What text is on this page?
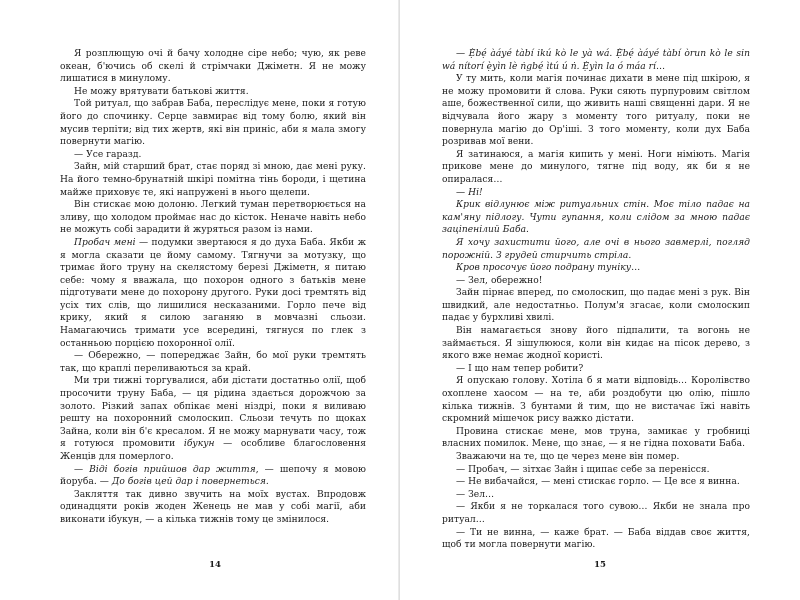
Я розплющую очі й бачу холодне сіре небо; чую, як реве океан, б'ючись об скелі й стрімчаки Джіметн. Я не можу лишатися в минулому.

Не можу врятувати батькові життя.

Той ритуал, що забрав Баба, переслідує мене, поки я готую його до спочинку. Серце завмирає від тому болю, який він мусив терпіти; від тих жертв, які він приніс, аби я мала змогу повернути магію.

— Усе гаразд.

Зайн, мій старший брат, стає поряд зі мною, дає мені руку. На його темно-брунатній шкірі помітна тінь бороди, і щетина майже приховує те, які напружені в нього щелепи.

Він стискає мою долоню. Легкий туман перетворюється на зливу, що холодом проймає нас до кісток. Неначе навіть небо не можуть собі зарадити й журяться разом із нами.

Пробач мені — подумки звертаюся я до духа Баба. Якби ж я могла сказати це йому самому. Тягнучи за мотузку, що тримає його труну на скелястому березі Джіметн, я питаю себе: чому я вважала, що похорон одного з батьків мене підготувати мене до похорону другого. Руки досі тремтять від усіх тих слів, що лишилися несказаними. Горло пече від крику, який я силою заганяю в мовчазні сльози. Намагаючись тримати усе всередині, тягнуся по глек з останньою порцією похоронної олії.

— Обережно, — попереджає Зайн, бо мої руки тремтять так, що краплі переливаються за край.

Ми три тижні торгувалися, аби дістати достатньо олії, щоб просочити труну Баба, — ця рідина здається дорожчою за золото. Різкий запах обпікає мені ніздрі, поки я виливаю решту на похоронний смолоскип. Сльози течуть по щоках Зайна, коли він б'є кресалом. Я не можу марнувати часу, тож я готуюся промовити ібукун — особливе благословення Женців для померлого.

— Віді богів прийшов дар життя, — шепочу я мовою йоруба. — До богів цей дар і повернеться.

Закляття так дивно звучить на моїх вустах. Впродовж одинадцяти років жоден Женець не мав у собі магії, аби виконати ібукун, — а кілька тижнів тому це змінилося.

14

— Ẹ̀bẹ́ àáyé tàbí ikú kò le yà wá. Ẹ̀bẹ́ àáyé tàbí òrun kò le sin wá nítorí ẹ̀yìn lè ṅgbẹ́ ìtú ú ṅ. Ẹ̀yìn la ó máa rí…

У ту мить, коли магія починає дихати в мене під шкірою, я не можу промовити й слова. Руки сяють пурпуровим світлом аше, божественної сили, що живить наші священні дари. Я не відчувала його жару з моменту того ритуалу, поки не повернула магію до Ор'іші. З того моменту, коли дух Баба розривав мої вени.

Я затинаюся, а магія кипить у мені. Ноги німіють. Магія прикове мене до минулого, тягне під воду, як би я не опиралася…

— Ні!

Крик відлунює між ритуальних стін. Моє тіло падає на кам'яну підлогу. Чути гупання, коли слідом за мною падає заціпенілий Баба.

Я хочу захистити його, але очі в нього завмерлі, погляд порожній. З грудей стирчить стріла.

Кров просочує його подрану туніку…

— Зел, обережно!

Зайн пірнає вперед, по смолоскип, що падає мені з рук. Він швидкий, але недостатньо. Полум'я згасає, коли смолоскип падає у бурхливі хвилі.

Він намагається знову його підпалити, та вогонь не займається. Я зішулююся, коли він кидає на пісок дерево, з якого вже немає жодної користі.

— І що нам тепер робити?

Я опускаю голову. Хотіла б я мати відповідь… Королівство охоплене хаосом — на те, аби роздобути цю олію, пішло кілька тижнів. З бунтами й тим, що не вистачає їжі навіть скромний мішечок рису важко дістати.

Провина стискає мене, мов труна, замикає у гробниці власних помилок. Мене, що знає, — я не гідна поховати Баба.

Зважаючи на те, що це через мене він помер.

— Пробач, — зітхає Зайн і щипає себе за перенісся.

— Не вибачайся, — мені стискає горло. — Це все я винна.

— Зел…

— Якби я не торкалася того сувою… Якби не знала про ритуал…

— Ти не винна, — каже брат. — Баба віддав своє життя, щоб ти могла повернути магію.

15
